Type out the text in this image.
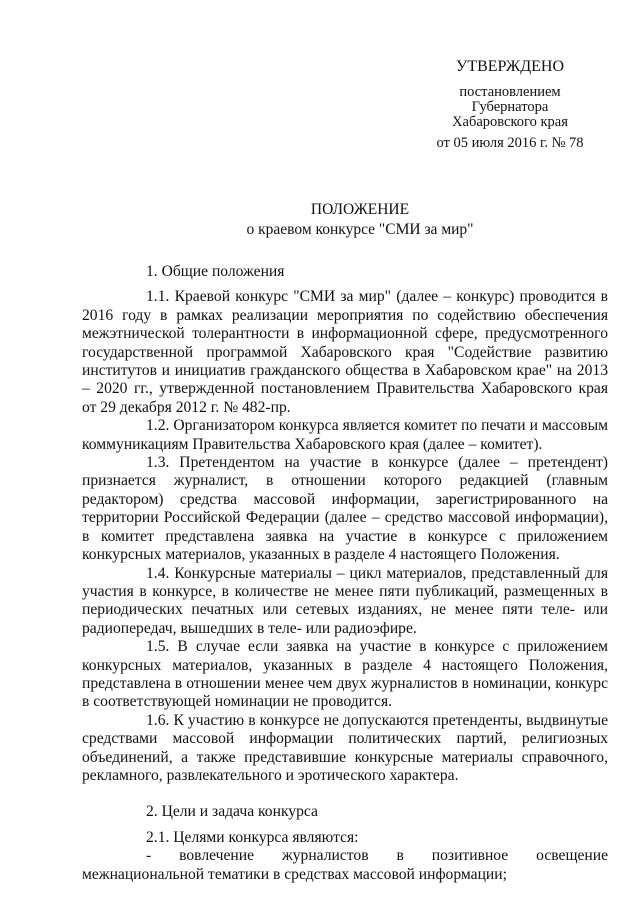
УТВЕРЖДЕНО
постановлением
Губернатора
Хабаровского края
от 05 июля 2016 г. № 78
ПОЛОЖЕНИЕ
о краевом конкурсе "СМИ за мир"

1. Общие положения

1.1. Краевой конкурс "СМИ за мир" (далее – конкурс) проводится в 2016 году в рамках реализации мероприятия по содействию обеспечения межэтнической толерантности в информационной сфере, предусмотренного государственной программой Хабаровского края "Содействие развитию институтов и инициатив гражданского общества в Хабаровском крае" на 2013 – 2020 гг., утвержденной постановлением Правительства Хабаровского края от 29 декабря 2012 г. № 482-пр.

1.2. Организатором конкурса является комитет по печати и массовым коммуникациям Правительства Хабаровского края (далее – комитет).

1.3. Претендентом на участие в конкурсе (далее – претендент) признается журналист, в отношении которого редакцией (главным редактором) средства массовой информации, зарегистрированного на территории Российской Федерации (далее – средство массовой информации), в комитет представлена заявка на участие в конкурсе с приложением конкурсных материалов, указанных в разделе 4 настоящего Положения.

1.4. Конкурсные материалы – цикл материалов, представленный для участия в конкурсе, в количестве не менее пяти публикаций, размещенных в периодических печатных или сетевых изданиях, не менее пяти теле- или радиопередач, вышедших в теле- или радиоэфире.

1.5. В случае если заявка на участие в конкурсе с приложением конкурсных материалов, указанных в разделе 4 настоящего Положения, представлена в отношении менее чем двух журналистов в номинации, конкурс в соответствующей номинации не проводится.

1.6. К участию в конкурсе не допускаются претенденты, выдвинутые средствами массовой информации политических партий, религиозных объединений, а также представившие конкурсные материалы справочного, рекламного, развлекательного и эротического характера.

2. Цели и задача конкурса

2.1. Целями конкурса являются:

- вовлечение журналистов в позитивное освещение межнациональной тематики в средствах массовой информации;
